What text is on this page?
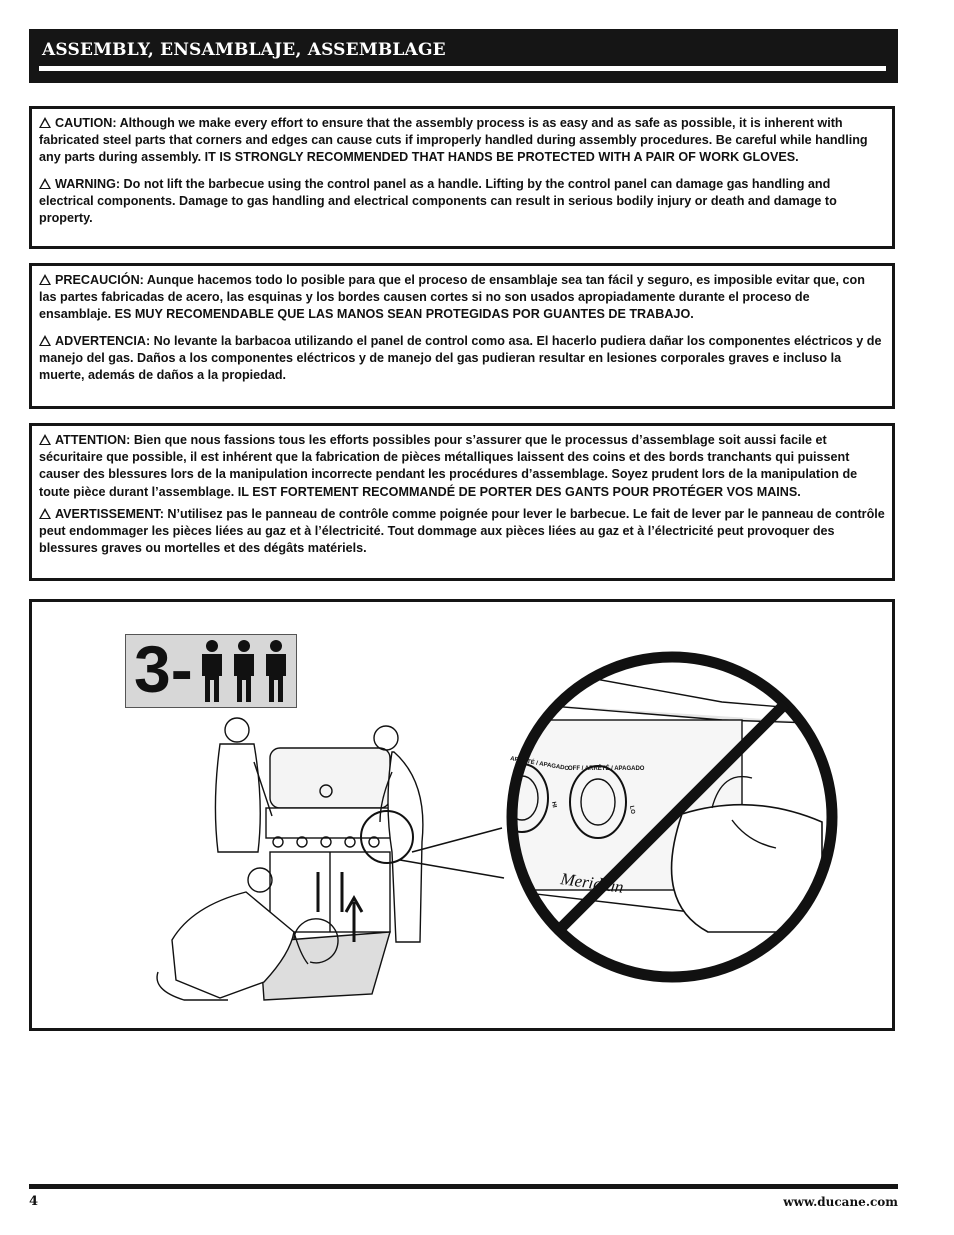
ASSEMBLY, ENSAMBLAJE, ASSEMBLAGE

CAUTION: Although we make every effort to ensure that the assembly process is as easy and as safe as possible, it is inherent with fabricated steel parts that corners and edges can cause cuts if improperly handled during assembly procedures. Be careful while handling any parts during assembly. IT IS STRONGLY RECOMMENDED THAT HANDS BE PROTECTED WITH A PAIR OF WORK GLOVES.

WARNING: Do not lift the barbecue using the control panel as a handle. Lifting by the control panel can damage gas handling and electrical components. Damage to gas handling and electrical components can result in serious bodily injury or death and damage to property.

PRECAUCIÓN: Aunque hacemos todo lo posible para que el proceso de ensamblaje sea tan fácil y seguro, es imposible evitar que, con las partes fabricadas de acero, las esquinas y los bordes causen cortes si no son usados apropiadamente durante el proceso de ensamblaje. ES MUY RECOMENDABLE QUE LAS MANOS SEAN PROTEGIDAS POR GUANTES DE TRABAJO.

ADVERTENCIA: No levante la barbacoa utilizando el panel de control como asa. El hacerlo pudiera dañar los componentes eléctricos y de manejo del gas. Daños a los componentes eléctricos y de manejo del gas pudieran resultar en lesiones corporales graves e incluso la muerte, además de daños a la propiedad.

ATTENTION: Bien que nous fassions tous les efforts possibles pour s’assurer que le processus d’assemblage soit aussi facile et sécuritaire que possible, il est inhérent que la fabrication de pièces métalliques laissent des coins et des bords tranchants qui puissent causer des blessures lors de la manipulation incorrecte pendant les procédures d’assemblage. Soyez prudent lors de la manipulation de toute pièce durant l’assemblage. IL EST FORTEMENT RECOMMANDÉ DE PORTER DES GANTS POUR PROTÉGER VOS MAINS.

AVERTISSEMENT: N’utilisez pas le panneau de contrôle comme poignée pour lever le barbecue. Le fait de lever par le panneau de contrôle peut endommager les pièces liées au gaz et à l’électricité. Tout dommage aux pièces liées au gaz et à l’électricité peut provoquer des blessures graves ou mortelles et des dégâts matériels.

3-
ARRÊTÉ / APAGADO
OFF / ARRÊTÉ / APAGADO
HI
LO
Meridian
4	www.ducane.com
